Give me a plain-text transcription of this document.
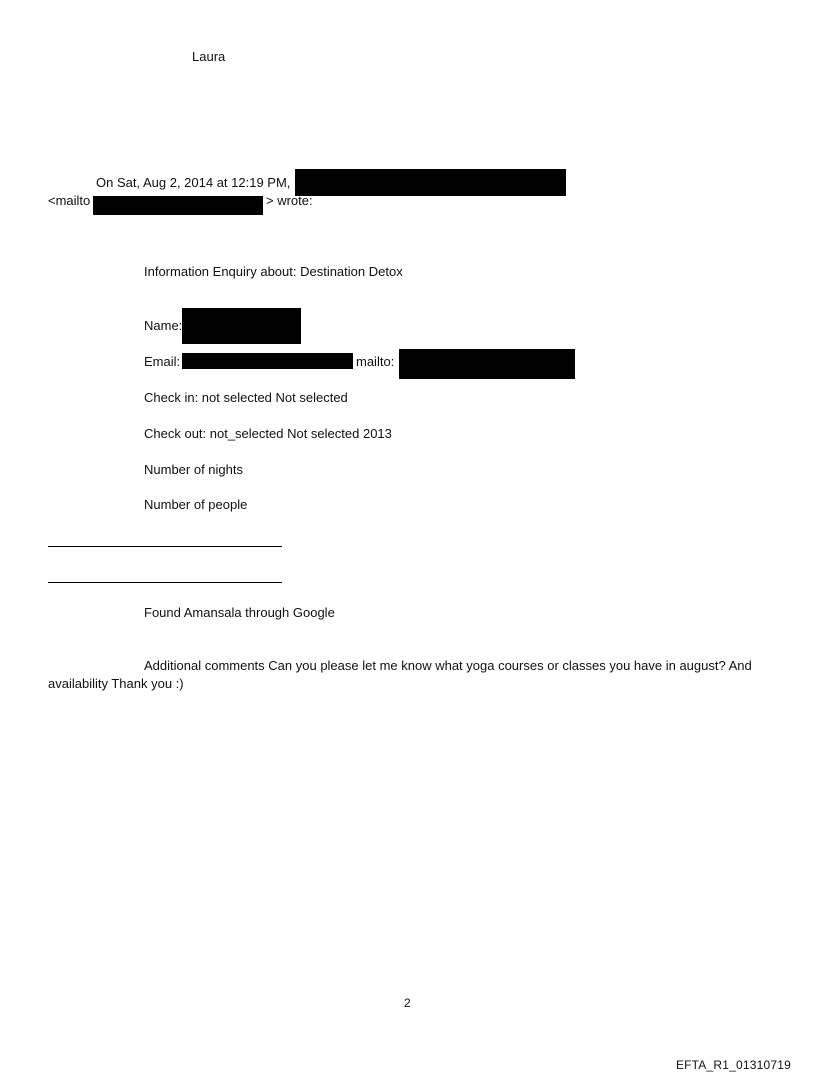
Laura
On Sat, Aug 2, 2014 at 12:19 PM,
<mailto	> wrote:
Information Enquiry about: Destination Detox
Name:
Email:	mailto:
Check in: not selected Not selected
Check out: not_selected Not selected 2013
Number of nights
Number of people
Found Amansala through Google
Additional comments Can you please let me know what yoga courses or classes you have in august? And
availability Thank you :)
2
EFTA_R1_01310719
